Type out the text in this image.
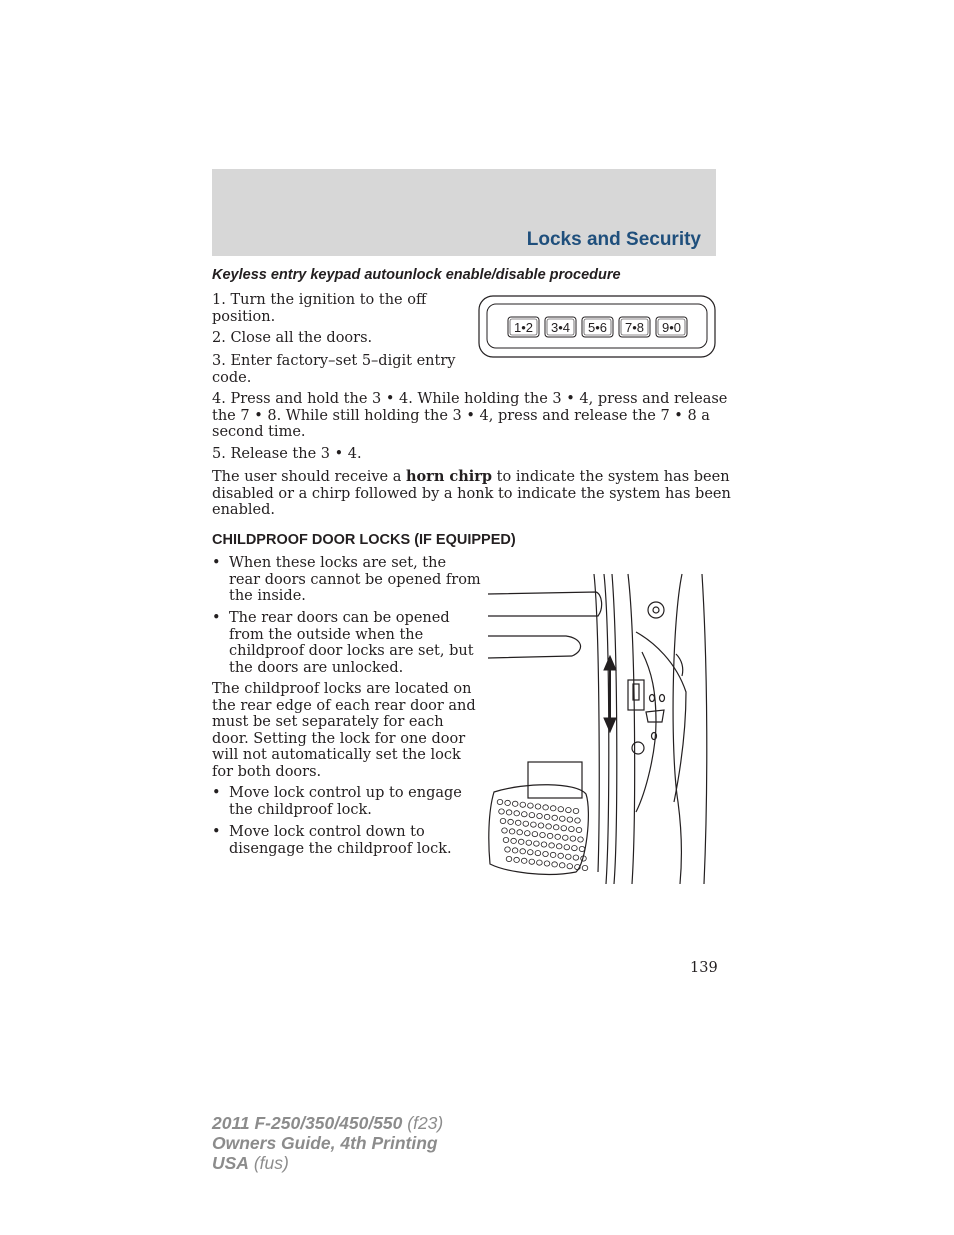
Locks and Security
Keyless entry keypad autounlock enable/disable procedure
1. Turn the ignition to the off
position.
2. Close all the doors.
3. Enter factory–set 5–digit entry
code.
1•2 3•4 5•6 7•8 9•0
4. Press and hold the 3 • 4. While holding the 3 • 4, press and release
the 7 • 8. While still holding the 3 • 4, press and release the 7 • 8 a
second time.
5. Release the 3 • 4.
The user should receive a horn chirp to indicate the system has been
disabled or a chirp followed by a honk to indicate the system has been
enabled.
CHILDPROOF DOOR LOCKS (IF EQUIPPED)
• When these locks are set, the
rear doors cannot be opened from
the inside.
• The rear doors can be opened
from the outside when the
childproof door locks are set, but
the doors are unlocked.
The childproof locks are located on
the rear edge of each rear door and
must be set separately for each
door. Setting the lock for one door
will not automatically set the lock
for both doors.
• Move lock control up to engage
the childproof lock.
• Move lock control down to
disengage the childproof lock.
139
2011 F-250/350/450/550 (f23)
Owners Guide, 4th Printing
USA (fus)
